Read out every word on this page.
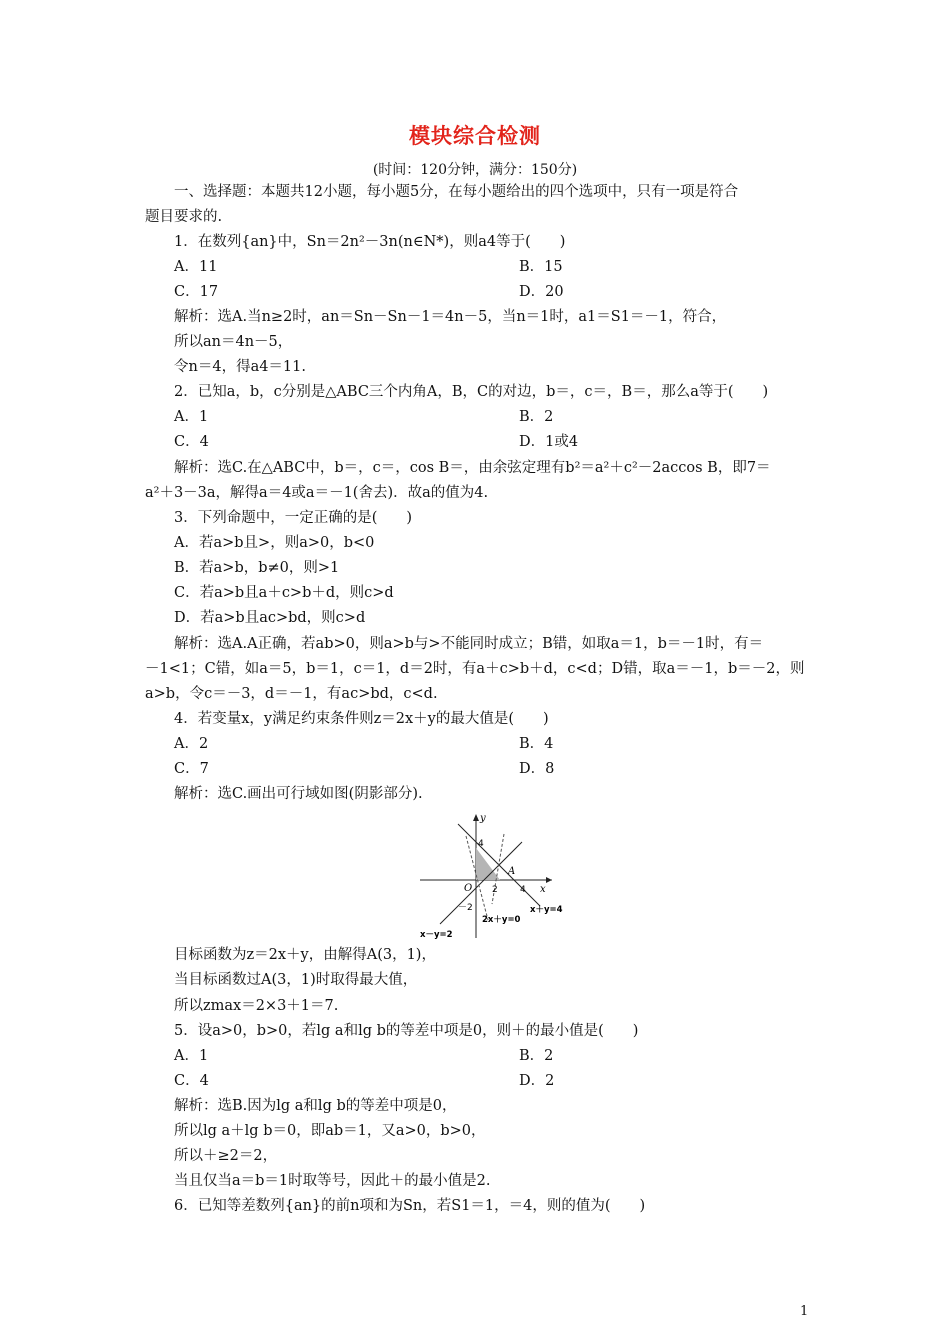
模块综合检测
(时间：120分钟，满分：150分)
一、选择题：本题共12小题，每小题5分，在每小题给出的四个选项中，只有一项是符合
题目要求的.
1．在数列{an}中，Sn＝2n²－3n(n∈N*)，则a4等于(　　)
A．11	B．15
C．17	D．20
解析：选A.当n≥2时，an＝Sn－Sn－1＝4n－5，当n＝1时，a1＝S1＝－1，符合，
所以an＝4n－5，
令n＝4，得a4＝11.
2．已知a，b，c分别是△ABC三个内角A，B，C的对边，b＝，c＝，B＝，那么a等于(　　)
A．1	B．2
C．4	D．1或4
解析：选C.在△ABC中，b＝，c＝，cos B＝，由余弦定理有b²＝a²＋c²－2accos B，即7＝
a²＋3－3a，解得a＝4或a＝－1(舍去)．故a的值为4.
3．下列命题中，一定正确的是(　　)
A．若a>b且>，则a>0，b<0
B．若a>b，b≠0，则>1
C．若a>b且a＋c>b＋d，则c>d
D．若a>b且ac>bd，则c>d
解析：选A.A正确，若ab>0，则a>b与>不能同时成立；B错，如取a＝1，b＝－1时，有＝
－1<1；C错，如a＝5，b＝1，c＝1，d＝2时，有a＋c>b＋d，c<d；D错，取a＝－1，b＝－2，则
a>b，令c＝－3，d＝－1，有ac>bd，c<d.
4．若变量x，y满足约束条件则z＝2x＋y的最大值是(　　)
A．2	B．4
C．7	D．8
解析：选C.画出可行域如图(阴影部分).
y
x
O
A
4
2 4
－2	x＋y=4
2x＋y=0
x－y=2
目标函数为z＝2x＋y，由解得A(3，1)，
当目标函数过A(3，1)时取得最大值，
所以zmax＝2×3＋1＝7.
5．设a>0，b>0，若lg a和lg b的等差中项是0，则＋的最小值是(　　)
A．1	B．2
C．4	D．2
解析：选B.因为lg a和lg b的等差中项是0，
所以lg a＋lg b＝0，即ab＝1，又a>0，b>0，
所以＋≥2＝2，
当且仅当a＝b＝1时取等号，因此＋的最小值是2.
6．已知等差数列{an}的前n项和为Sn，若S1＝1，＝4，则的值为(　　)
1
